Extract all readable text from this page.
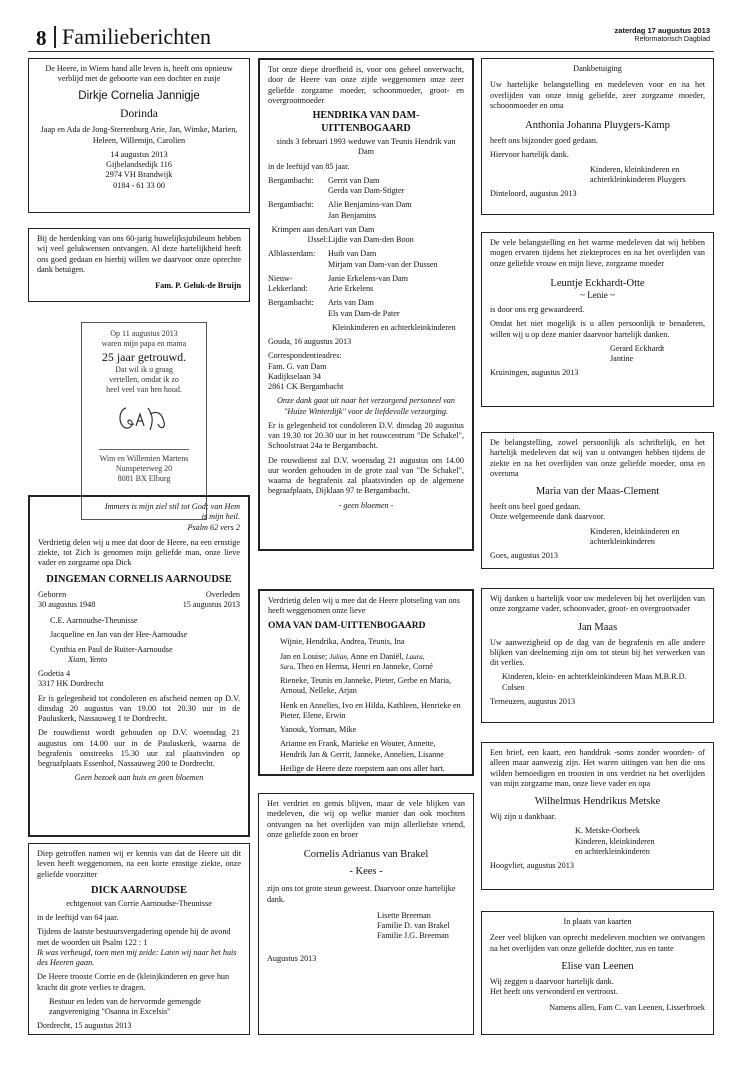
8 Familieberichten	zaterdag 17 augustus 2013
Reformatorisch Dagblad

De Heere, in Wiens hand alle leven is, heeft ons opnieuw verblijd met de geboorte van een dochter en zusje

Dirkje Cornelia Jannigje
Dorinda

Jaap en Ada de Jong-Sterrenburg Arie, Jan, Wimke, Marien, Heleen, Willemijn, Carolien

14 augustus 2013
Gijbelandsedijk 116
2974 VH Brandwijk
0184 - 61 33 00

Bij de herdenking van ons 60-jarig huwelijksjubileum hebben wij veel gelukwensen ontvangen. Al deze hartelijkheid heeft ons goed gedaan en hierbij willen we daarvoor onze oprechte dank betuigen.

Fam. P. Geluk-de Bruijn
Op 11 augustus 2013
waren mijn papa en mama
25 jaar getrouwd.
Dat wil ik u graag
vertellen, omdat ik zo
heel veel van hen houd.
Wim en Willemien Martens
Nunspeterweg 20
8081 BX Elburg
Immers is mijn ziel stil tot God; van Hem is mijn heil.
Psalm 62 vers 2

Verdrietig delen wij u mee dat door de Heere, na een ernstige ziekte, tot Zich is genomen mijn geliefde man, onze lieve vader en zorgzame opa Dick

DINGEMAN CORNELIS AARNOUDSE
Geboren
30 augustus 1948
Overleden
15 augustus 2013

C.E. Aarnoudse-Theunisse

Jacqueline en Jan van der Hee-Aarnoudse

Cynthia en Paul de Ruiter-Aarnoudse

Xiam, Yento

Godetia 4

3317 HK Dordrecht

Er is gelegenheid tot condoleren en afscheid nemen op D.V. dinsdag 20 augustus van 19.00 tot 20.30 uur in de Pauluskerk, Nassauweg 1 te Dordrecht.

De rouwdienst wordt gehouden op D.V. woensdag 21 augustus om 14.00 uur in de Pauluskerk, waarna de begrafenis omstreeks 15.30 uur zal plaatsvinden op begraafplaats Essenhof, Nassauweg 200 te Dordrecht.

Geen bezoek aan huis en geen bloemen

Diep getroffen namen wij er kennis van dat de Heere uit dit leven heeft weggenomen, na een korte ernstige ziekte, onze geliefde voorzitter

DICK AARNOUDSE

echtgenoot van Corrie Aarnoudse-Theunisse

in de leeftijd van 64 jaar.

Tijdens de laatste bestuursvergadering opende hij de avond met de woorden uit Psalm 122 : 1

Ik was verheugd, toen men mij zeide: Laten wij naar het huis des Heeren gaan.

De Heere trooste Corrie en de (klein)kinderen en geve hun kracht dit grote verlies te dragen.

Bestuur en leden van de hervormde gemengde zangvereniging "Osanna in Excelsis"

Dordrecht, 15 augustus 2013

Tot onze diepe droefheid is, voor ons geheel onverwacht, door de Heere van onze zijde weggenomen onze zeer geliefde zorgzame moeder, schoonmoeder, groot- en overgrootmoeder

HENDRIKA VAN DAM-UITTENBOGAARD

sinds 3 februari 1993 weduwe van Teunis Hendrik van Dam

in de leeftijd van 85 jaar.

Bergambacht:	Gerrit van Dam
Gerda van Dam-Stigter
Bergambacht:	Alie Benjamins-van Dam
Jan Benjamins
Krimpen aan den IJssel:
Aart van Dam
Lijdie van Dam-den Boon
Alblasserdam:	Huib van Dam
Mirjam van Dam-van der Dussen
Nieuw-Lekkerland:
Janie Erkelens-van Dam
Arie Erkelens
Bergambacht:	Aris van Dam
Els van Dam-de Pater

Kleinkinderen en achterkleinkinderen

Gouda, 16 augustus 2013

Correspondentieadres:
Fam. G. van Dam
Kadijkselaan 34

2861 CK Bergambacht

Onze dank gaat uit naar het verzorgend personeel van "Huize Winterdijk" voor de liefdevolle verzorging.

Er is gelegenheid tot condoleren D.V. dinsdag 20 augustus van 19.30 tot 20.30 uur in het rouwcentrum "De Schakel", Schoolstraat 24a te Bergambacht.

De rouwdienst zal D.V. woensdag 21 augustus om 14.00 uur worden gehouden in de grote zaal van "De Schakel", waarna de begrafenis zal plaatsvinden op de algemene begraafplaats, Dijklaan 97 te Bergambacht.

- geen bloemen -

Verdrietig delen wij u mee dat de Heere plotseling van ons heeft weggenomen onze lieve

OMA VAN DAM-UITTENBOGAARD

Wijnie, Hendrika, Andrea, Teunis, Ina

Jan en Louise; Julian, Anne en Daniël, Laura,

Sara, Theo en Herma, Henri en Janneke, Corné

Rieneke, Teunis en Janneke, Pieter, Gerbe en Maria, Arnoud, Nelleke, Arjan

Henk en Annelies, Ivo en Hilda, Kathleen, Henrieke en Pieter, Elene, Erwin

Yanouk, Yorman, Mike

Arianne en Frank, Marieke en Wouter, Annette, Hendrik Jan & Gerrit, Janneke, Annelien, Lisanne

Heilige de Heere deze roepstem aan ons aller hart.

Het verdriet en gemis blijven, maar de vele blijken van medeleven, die wij op welke manier dan ook mochten ontvangen na het overlijden van mijn allerliefste vriend, onze geliefde zoon en broer

Cornelis Adrianus van Brakel
- Kees -

zijn ons tot grote steun geweest. Daarvoor onze hartelijke dank.

Lisette Breeman
Familie D. van Brakel
Familie J.G. Breeman
Augustus 2013

Dankbetuiging

Uw hartelijke belangstelling en medeleven voor en na het overlijden van onze innig geliefde, zeer zorgzame moeder, schoonmoeder en oma

Anthonia Johanna Pluygers-Kamp

heeft ons bijzonder goed gedaan.

Hiervoor hartelijk dank.

Kinderen, kleinkinderen en achterkleinkinderen Pluygers

Dinteloord, augustus 2013

De vele belangstelling en het warme medeleven dat wij hebben mogen ervaren tijdens het ziekteproces en na het overlijden van onze geliefde vrouw en mijn lieve, zorgzame moeder

Leuntje Eckhardt-Otte
~ Lenie ~

is door ons erg gewaardeerd.

Omdat het niet mogelijk is u allen persoonlijk te benaderen, willen wij u op deze manier daarvoor hartelijk danken.

Gerard Eckhardt

Jantine

Kruiningen, augustus 2013

De belangstelling, zowel persoonlijk als schriftelijk, en het hartelijk medeleven dat wij van u ontvangen hebben tijdens de ziekte en na het overlijden van onze geliefde moeder, oma en overoma

Maria van der Maas-Clement
heeft ons heel goed gedaan.

Onze welgemeende dank daarvoor.

Kinderen, kleinkinderen en achterkleinkinderen

Goes, augustus 2013

Wij danken u hartelijk voor uw medeleven bij het overlijden van onze zorgzame vader, schoonvader, groot- en overgrootvader

Jan Maas

Uw aanwezigheid op de dag van de begrafenis en alle andere blijken van deelneming zijn ons tot steun bij het verwerken van dit verlies.

Kinderen, klein- en achterkleinkinderen Maas M.B.R.D. Colsen

Terneuzen, augustus 2013

Een brief, een kaart, een handdruk -soms zonder woorden- of alleen maar aanwezig zijn. Het waren uitingen van hen die ons wilden bemoedigen en troosten in ons verdriet na het overlijden van mijn zorgzame man, onze lieve vader en opa

Wilhelmus Hendrikus Metske

Wij zijn u dankbaar.

K. Metske-Oorbeek
Kinderen, kleinkinderen

en achterkleinkinderen

Hoogvliet, augustus 2013

In plaats van kaarten

Zeer veel blijken van oprecht medeleven mochten we ontvangen na het overlijden van onze geliefde dochter, zus en tante

Elise van Leenen
Wij zeggen u daarvoor hartelijk dank.

Het heeft ons verwonderd en vertroost.

Namens allen, Fam C. van Leenen, Lisserbroek
